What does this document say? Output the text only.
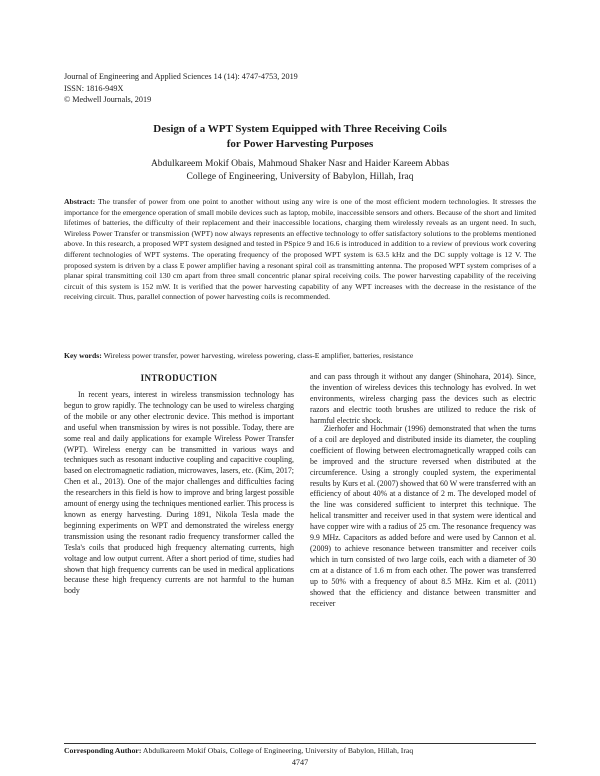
Journal of Engineering and Applied Sciences 14 (14): 4747-4753, 2019
ISSN: 1816-949X
© Medwell Journals, 2019
Design of a WPT System Equipped with Three Receiving Coils for Power Harvesting Purposes
Abdulkareem Mokif Obais, Mahmoud Shaker Nasr and Haider Kareem Abbas
College of Engineering, University of Babylon, Hillah, Iraq

Abstract: The transfer of power from one point to another without using any wire is one of the most efficient modern technologies. It stresses the importance for the emergence operation of small mobile devices such as laptop, mobile, inaccessible sensors and others. Because of the short and limited lifetimes of batteries, the difficulty of their replacement and their inaccessible locations, charging them wirelessly reveals as an urgent need. In such, Wireless Power Transfer or transmission (WPT) now always represents an effective technology to offer satisfactory solutions to the problems mentioned above. In this research, a proposed WPT system designed and tested in PSpice 9 and 16.6 is introduced in addition to a review of previous work covering different technologies of WPT systems. The operating frequency of the proposed WPT system is 63.5 kHz and the DC supply voltage is 12 V. The proposed system is driven by a class E power amplifier having a resonant spiral coil as transmitting antenna. The proposed WPT system comprises of a planar spiral transmitting coil 130 cm apart from three small concentric planar spiral receiving coils. The power harvesting capability of the receiving circuit of this system is 152 mW. It is verified that the power harvesting capability of any WPT increases with the decrease in the resistance of the receiving circuit. Thus, parallel connection of power harvesting coils is recommended.

Key words: Wireless power transfer, power harvesting, wireless powering, class-E amplifier, batteries, resistance

INTRODUCTION

In recent years, interest in wireless transmission technology has begun to grow rapidly. The technology can be used to wireless charging of the mobile or any other electronic device. This method is important and useful when transmission by wires is not possible. Today, there are some real and daily applications for example Wireless Power Transfer (WPT). Wireless energy can be transmitted in various ways and techniques such as resonant inductive coupling and capacitive coupling, based on electromagnetic radiation, microwaves, lasers, etc. (Kim, 2017; Chen et al., 2013). One of the major challenges and difficulties facing the researchers in this field is how to improve and bring largest possible amount of energy using the techniques mentioned earlier. This process is known as energy harvesting. During 1891, Nikola Tesla made the beginning experiments on WPT and demonstrated the wireless energy transmission using the resonant radio frequency transformer called the Tesla's coils that produced high frequency alternating currents, high voltage and low output current. After a short period of time, studies had shown that high frequency currents can be used in medical applications because these high frequency currents are not harmful to the human body

and can pass through it without any danger (Shinohara, 2014). Since, the invention of wireless devices this technology has evolved. In wet environments, wireless charging pass the devices such as electric razors and electric tooth brushes are utilized to reduce the risk of harmful electric shock.

Zierhofer and Hochmair (1996) demonstrated that when the turns of a coil are deployed and distributed inside its diameter, the coupling coefficient of flowing between electromagnetically wrapped coils can be improved and the structure reversed when distributed at the circumference. Using a strongly coupled system, the experimental results by Kurs et al. (2007) showed that 60 W were transferred with an efficiency of about 40% at a distance of 2 m. The developed model of the line was considered sufficient to interpret this technique. The helical transmitter and receiver used in that system were identical and have copper wire with a radius of 25 cm. The resonance frequency was 9.9 MHz. Capacitors as added before and were used by Cannon et al. (2009) to achieve resonance between transmitter and receiver coils which in turn consisted of two large coils, each with a diameter of 30 cm at a distance of 1.6 m from each other. The power was transferred up to 50% with a frequency of about 8.5 MHz. Kim et al. (2011) showed that the efficiency and distance between transmitter and receiver

Corresponding Author: Abdulkareem Mokif Obais, College of Engineering, University of Babylon, Hillah, Iraq
4747
